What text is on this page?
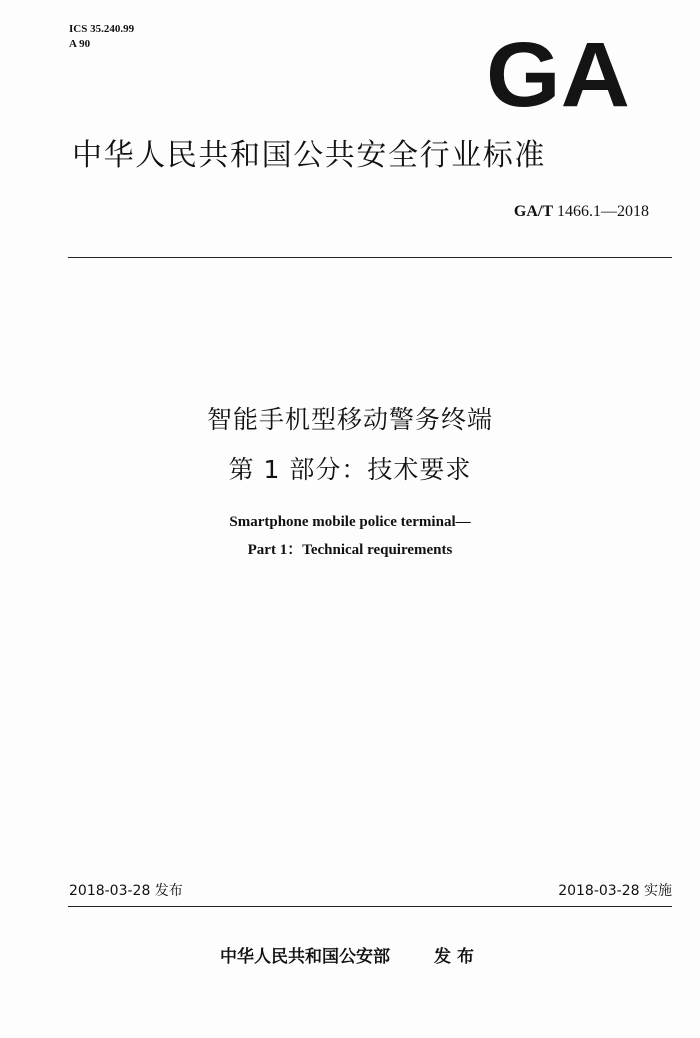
ICS 35.240.99
A 90	GA
中华人民共和国公共安全行业标准
GA/T 1466.1—2018
智能手机型移动警务终端
第 1 部分：技术要求
Smartphone mobile police terminal—
Part 1：Technical requirements
2018-03-28 发布	2018-03-28 实施
中华人民共和国公安部	发布
